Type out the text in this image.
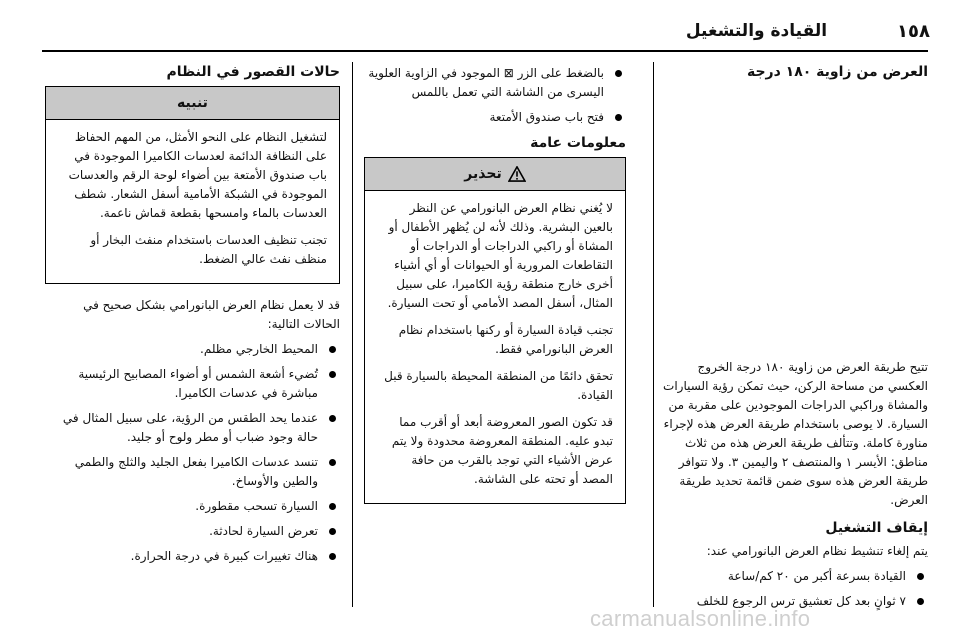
١٥٨
القيادة والتشغيل
العرض من زاوية ١٨٠ درجة

تتيح طريقة العرض من زاوية ١٨٠ درجة الخروج العكسي من مساحة الركن، حيث تمكن رؤية السيارات والمشاة وراكبي الدراجات الموجودين على مقربة من السيارة. لا يوصى باستخدام طريقة العرض هذه لإجراء مناورة كاملة. وتتألف طريقة العرض هذه من ثلاث مناطق: الأيسر ١ والمنتصف ٢ واليمين ٣. ولا تتوافر طريقة العرض هذه سوى ضمن قائمة تحديد طريقة العرض.

إيقاف التشغيل

يتم إلغاء تنشيط نظام العرض البانورامي عند:

القيادة بسرعة أكبر من ٢٠ كم/ساعة
٧ ثوانٍ بعد كل تعشيق ترس الرجوع للخلف
بالضغط على الزر ⊠ الموجود في الزاوية العلوية اليسرى من الشاشة التي تعمل باللمس
فتح باب صندوق الأمتعة
معلومات عامة
تحذير

لا يُغني نظام العرض البانورامي عن النظر بالعين البشرية. وذلك لأنه لن يُظهر الأطفال أو المشاة أو راكبي الدراجات أو الدراجات أو التقاطعات المرورية أو الحيوانات أو أي أشياء أخرى خارج منطقة رؤية الكاميرا، على سبيل المثال، أسفل المصد الأمامي أو تحت السيارة.

تجنب قيادة السيارة أو ركنها باستخدام نظام العرض البانورامي فقط.

تحقق دائمًا من المنطقة المحيطة بالسيارة قبل القيادة.

قد تكون الصور المعروضة أبعد أو أقرب مما تبدو عليه. المنطقة المعروضة محدودة ولا يتم عرض الأشياء التي توجد بالقرب من حافة المصد أو تحته على الشاشة.

حالات القصور في النظام
تنبيه

لتشغيل النظام على النحو الأمثل، من المهم الحفاظ على النظافة الدائمة لعدسات الكاميرا الموجودة في باب صندوق الأمتعة بين أضواء لوحة الرقم والعدسات الموجودة في الشبكة الأمامية أسفل الشعار. شطف العدسات بالماء وامسحها بقطعة قماش ناعمة.

تجنب تنظيف العدسات باستخدام منفث البخار أو منظف نفث عالي الضغط.

قد لا يعمل نظام العرض البانورامي بشكل صحيح في الحالات التالية:

المحيط الخارجي مظلم.
تُضيء أشعة الشمس أو أضواء المصابيح الرئيسية مباشرة في عدسات الكاميرا.
عندما يحد الطقس من الرؤية، على سبيل المثال في حالة وجود ضباب أو مطر ولوح أو جليد.
تنسد عدسات الكاميرا بفعل الجليد والثلج والطمي والطين والأوساخ.
السيارة تسحب مقطورة.
تعرض السيارة لحادثة.
هناك تغييرات كبيرة في درجة الحرارة.
carmanualsonline.info
